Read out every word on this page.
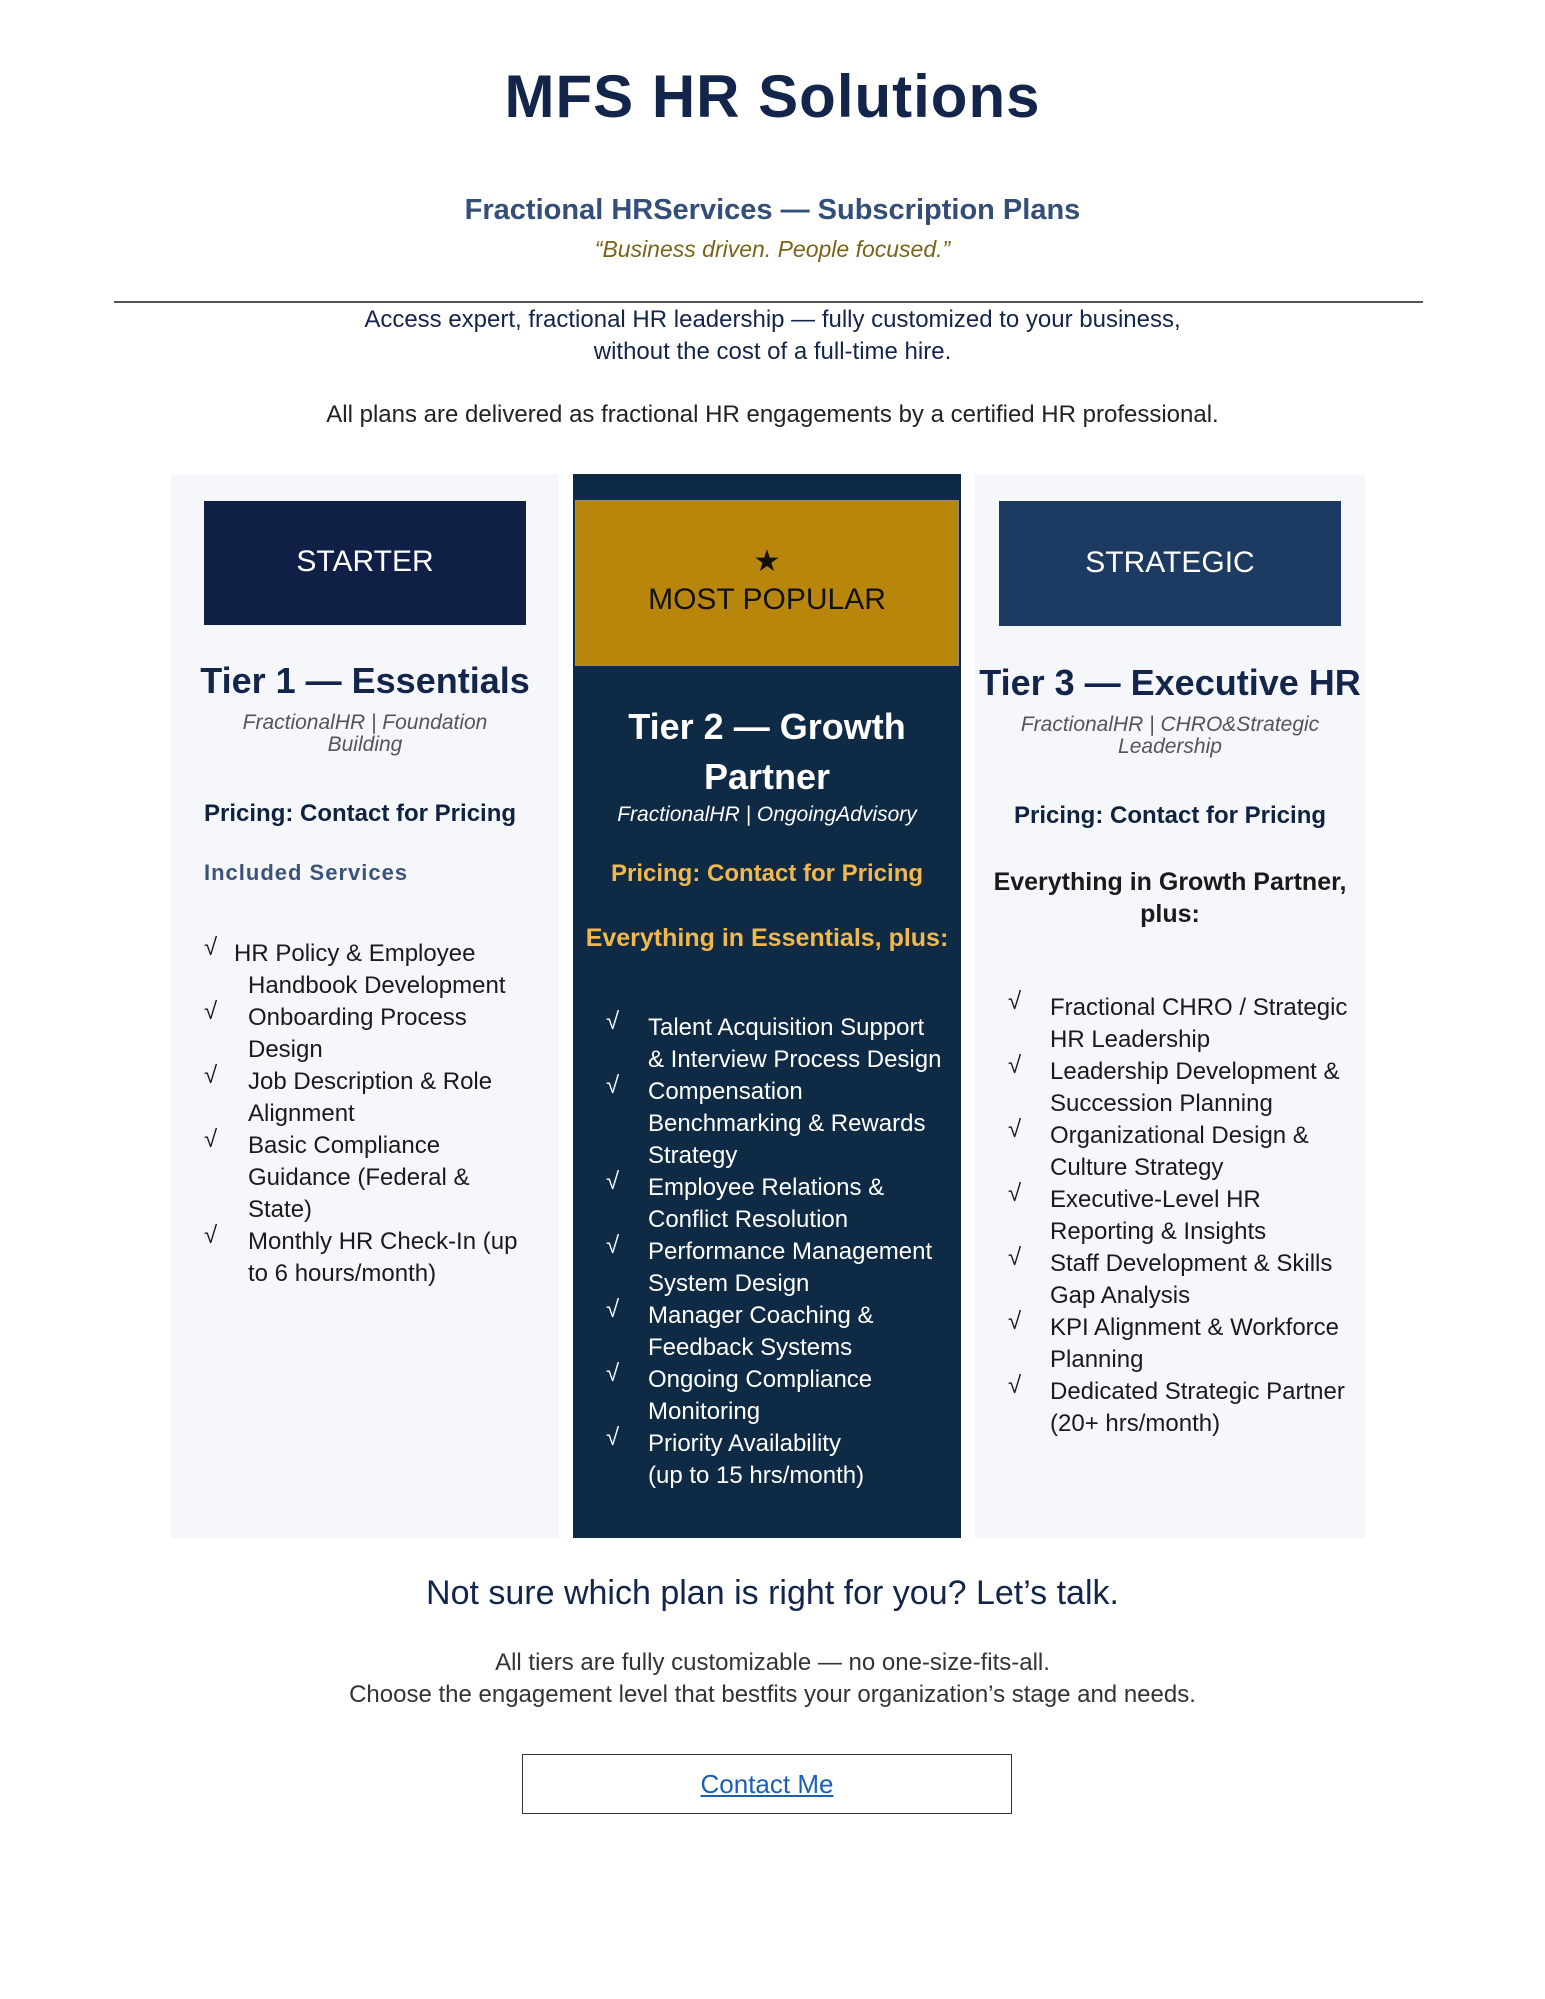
MFS HR Solutions
Fractional HRServices — Subscription Plans
“Business driven. People focused.”
Access expert, fractional HR leadership — fully customized to your business,
without the cost of a full-time hire.
All plans are delivered as fractional HR engagements by a certified HR professional.
STARTER
Tier 1 — Essentials
FractionalHR | Foundation
Building
Pricing: Contact for Pricing
Included Services
√ HR Policy & Employee
Handbook Development
√ Onboarding Process
Design
√ Job Description & Role
Alignment
√ Basic Compliance
Guidance (Federal &
State)
√ Monthly HR Check-In (up
to 6 hours/month)
★
MOST POPULAR
Tier 2 — Growth
Partner
FractionalHR | OngoingAdvisory
Pricing: Contact for Pricing
Everything in Essentials, plus:
√ Talent Acquisition Support
& Interview Process Design
√ Compensation
Benchmarking & Rewards
Strategy
√ Employee Relations &
Conflict Resolution
√ Performance Management
System Design
√ Manager Coaching &
Feedback Systems
√ Ongoing Compliance
Monitoring
√ Priority Availability
(up to 15 hrs/month)
STRATEGIC
Tier 3 — Executive HR
FractionalHR | CHRO&Strategic
Leadership
Pricing: Contact for Pricing
Everything in Growth Partner,
plus:
√ Fractional CHRO / Strategic
HR Leadership
√ Leadership Development &
Succession Planning
√ Organizational Design &
Culture Strategy
√ Executive-Level HR
Reporting & Insights
√ Staff Development & Skills
Gap Analysis
√ KPI Alignment & Workforce
Planning
√ Dedicated Strategic Partner
(20+ hrs/month)
Not sure which plan is right for you? Let’s talk.
All tiers are fully customizable — no one-size-fits-all.
Choose the engagement level that bestfits your organization’s stage and needs.
Contact Me
